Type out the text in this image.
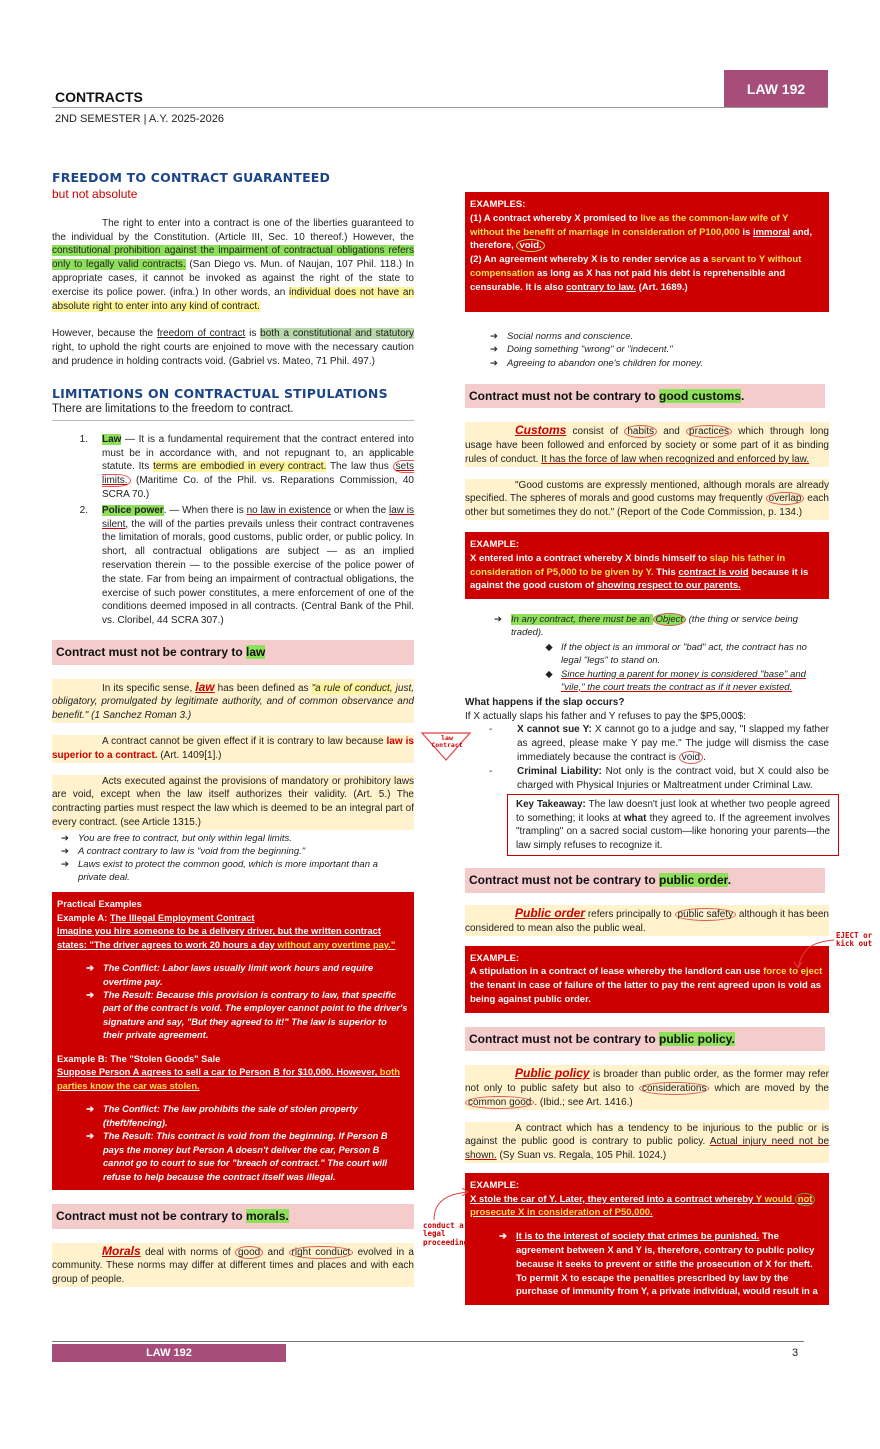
LAW 192
CONTRACTS
2ND SEMESTER | A.Y. 2025-2026
FREEDOM TO CONTRACT GUARANTEED
but not absolute
The right to enter into a contract is one of the liberties guaranteed to the individual by the Constitution. (Article III, Sec. 10 thereof.) However, the constitutional prohibition against the impairment of contractual obligations refers only to legally valid contracts. (San Diego vs. Mun. of Naujan, 107 Phil. 118.) In appropriate cases, it cannot be invoked as against the right of the state to exercise its police power. (infra.) In other words, an individual does not have an absolute right to enter into any kind of contract.
However, because the freedom of contract is both a constitutional and statutory right, to uphold the right courts are enjoined to move with the necessary caution and prudence in holding contracts void. (Gabriel vs. Mateo, 71 Phil. 497.)
LIMITATIONS ON CONTRACTUAL STIPULATIONS
There are limitations to the freedom to contract.
1.	Law — It is a fundamental requirement that the contract entered into must be in accordance with, and not repugnant to, an applicable statute. Its terms are embodied in every contract. The law thus sets limits. (Maritime Co. of the Phil. vs. Reparations Commission, 40 SCRA 70.)
2.	Police power. — When there is no law in existence or when the law is silent, the will of the parties prevails unless their contract contravenes the limitation of morals, good customs, public order, or public policy. In short, all contractual obligations are subject — as an implied reservation therein — to the possible exercise of the police power of the state. Far from being an impairment of contractual obligations, the exercise of such power constitutes, a mere enforcement of one of the conditions deemed imposed in all contracts. (Central Bank of the Phil. vs. Cloribel, 44 SCRA 307.)
Contract must not be contrary to law
In its specific sense, law has been defined as "a rule of conduct, just, obligatory, promulgated by legitimate authority, and of common observance and benefit." (1 Sanchez Roman 3.)
A contract cannot be given effect if it is contrary to law because law is superior to a contract. (Art. 1409[1].)
Acts executed against the provisions of mandatory or prohibitory laws are void, except when the law itself authorizes their validity. (Art. 5.) The contracting parties must respect the law which is deemed to be an integral part of every contract. (see Article 1315.)
➔ You are free to contract, but only within legal limits.
➔ A contract contrary to law is "void from the beginning."
➔ Laws exist to protect the common good, which is more important than a private deal.
Practical Examples
Example A: The Illegal Employment Contract
Imagine you hire someone to be a delivery driver, but the written contract states: "The driver agrees to work 20 hours a day without any overtime pay."
➔ The Conflict: Labor laws usually limit work hours and require overtime pay.
➔ The Result: Because this provision is contrary to law, that specific part of the contract is void. The employer cannot point to the driver's signature and say, "But they agreed to it!" The law is superior to their private agreement.
Example B: The "Stolen Goods" Sale
Suppose Person A agrees to sell a car to Person B for $10,000. However, both parties know the car was stolen.
➔ The Conflict: The law prohibits the sale of stolen property (theft/fencing).
➔ The Result: This contract is void from the beginning. If Person B pays the money but Person A doesn't deliver the car, Person B cannot go to court to sue for "breach of contract." The court will refuse to help because the contract itself was illegal.
Contract must not be contrary to morals.
Morals deal with norms of good and right conduct evolved in a community. These norms may differ at different times and places and with each group of people.
EXAMPLES:
(1) A contract whereby X promised to live as the common-law wife of Y without the benefit of marriage in consideration of P100,000 is immoral and, therefore, void.
(2) An agreement whereby X is to render service as a servant to Y without compensation as long as X has not paid his debt is reprehensible and censurable. It is also contrary to law. (Art. 1689.)
➔ Social norms and conscience.
➔ Doing something "wrong" or "indecent."
➔ Agreeing to abandon one's children for money.
Contract must not be contrary to good customs.
Customs consist of habits and practices which through long usage have been followed and enforced by society or some part of it as binding rules of conduct. It has the force of law when recognized and enforced by law.
"Good customs are expressly mentioned, although morals are already specified. The spheres of morals and good customs may frequently overlap each other but sometimes they do not." (Report of the Code Commission, p. 134.)
EXAMPLE:
X entered into a contract whereby X binds himself to slap his father in consideration of P5,000 to be given by Y. This contract is void because it is against the good custom of showing respect to our parents.
➔ In any contract, there must be an Object (the thing or service being traded).
◆ If the object is an immoral or "bad" act, the contract has no legal "legs" to stand on.
◆ Since hurting a parent for money is considered "base" and "vile," the court treats the contract as if it never existed.
What happens if the slap occurs?
If X actually slaps his father and Y refuses to pay the $P5,000$:
-	X cannot sue Y: X cannot go to a judge and say, "I slapped my father as agreed, please make Y pay me." The judge will dismiss the case immediately because the contract is void .
-	Criminal Liability: Not only is the contract void, but X could also be charged with Physical Injuries or Maltreatment under Criminal Law.
Key Takeaway: The law doesn't just look at whether two people agreed to something; it looks at what they agreed to. If the agreement involves "trampling" on a sacred social custom—like honoring your parents—the law simply refuses to recognize it.
Contract must not be contrary to public order.
Public order refers principally to public safety although it has been considered to mean also the public weal.
EXAMPLE:
A stipulation in a contract of lease whereby the landlord can use force to eject the tenant in case of failure of the latter to pay the rent agreed upon is void as being against public order.
Contract must not be contrary to public policy.
Public policy is broader than public order, as the former may refer not only to public safety but also to considerations which are moved by the common good . (Ibid.; see Art. 1416.)
A contract which has a tendency to be injurious to the public or is against the public good is contrary to public policy. Actual injury need not be shown. (Sy Suan vs. Regala, 105 Phil. 1024.)
EXAMPLE:
X stole the car of Y. Later, they entered into a contract whereby Y would not prosecute X in consideration of P50,000.
➔ It is to the interest of society that crimes be punished. The agreement between X and Y is, therefore, contrary to public policy because it seeks to prevent or stifle the prosecution of X for theft. To permit X to escape the penalties prescribed by law by the purchase of immunity from Y, a private individual, would result in a
law
Contract
EJECT or
kick out
conduct a
legal
proceedings
LAW 192	3
